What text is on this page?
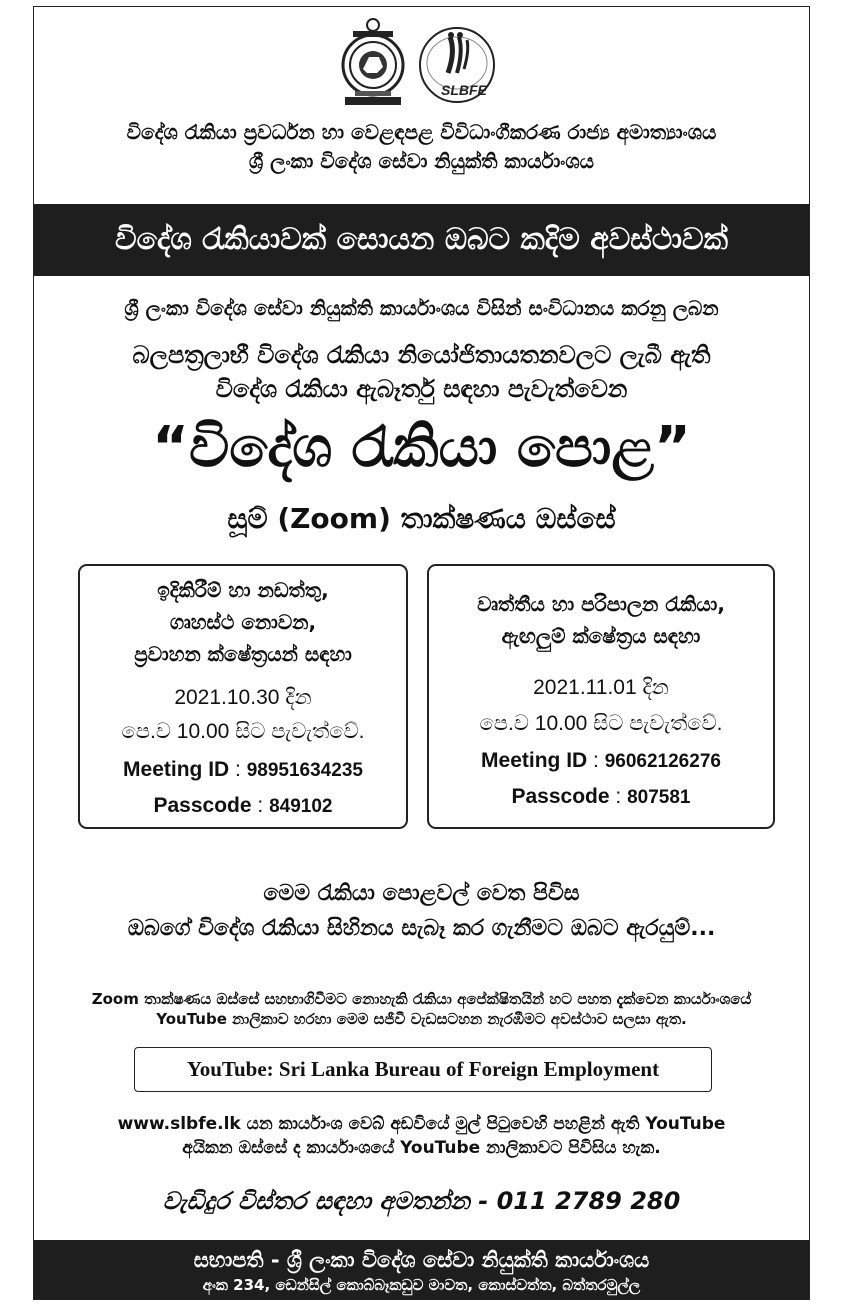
SLBFE
විදේශ රැකියා ප්‍රවර්ධන හා වෙළඳපළ විවිධාංගීකරණ රාජ්‍ය අමාත්‍යාංශය
ශ්‍රී ලංකා විදේශ සේවා නියුක්ති කාර්යාංශය
විදේශ රැකියාවක් සොයන ඔබට කදිම අවස්ථාවක්
ශ්‍රී ලංකා විදේශ සේවා නියුක්ති කාර්යාංශය විසින් සංවිධානය කරනු ලබන
බලපත්‍රලාභී විදේශ රැකියා නියෝජිතායතනවලට ලැබී ඇති
විදේශ රැකියා ඇබෑර්තු සඳහා පැවැත්වෙන
“විදේශ රැකියා පොළ”
සූම් (Zoom) තාක්ෂණය ඔස්සේ
ඉදිකිරීම් හා නඩත්තු,
ගෘහස්ථ නොවන,
ප්‍රවාහන ක්ෂේත්‍රයන් සඳහා
2021.10.30 දින
පෙ.ව 10.00 සිට පැවැත්වේ.
Meeting ID : 98951634235
Passcode : 849102
වෘත්තීය හා පරිපාලන රැකියා,
ඇඟලුම් ක්ෂේත්‍රය සඳහා
2021.11.01 දින
පෙ.ව 10.00 සිට පැවැත්වේ.
Meeting ID : 96062126276
Passcode : 807581
මෙම රැකියා පොළවල් වෙත පිවිස
ඔබගේ විදේශ රැකියා සිහිනය සැබෑ කර ගැනීමට ඔබට ඇරයුම්...
Zoom තාක්ෂණය ඔස්සේ සහභාගිවීමට නොහැකි රැකියා අපේක්ෂිතයින් හට පහත දැක්වෙන කාර්යාංශයේ
YouTube නාලිකාව හරහා මෙම සජීවී වැඩසටහන නැරඹීමට අවස්ථාව සලසා ඇත.
YouTube: Sri Lanka Bureau of Foreign Employment
www.slbfe.lk යන කාර්යාංශ වෙබ් අඩවියේ මුල් පිටුවෙහි පහළින් ඇති YouTube
අයිකන ඔස්සේ ද කාර්යාංශයේ YouTube නාලිකාවට පිවිසිය හැක.
වැඩිදුර විස්තර සඳහා අමතන්න - 011 2789 280
සභාපති - ශ්‍රී ලංකා විදේශ සේවා නියුක්ති කාර්යාංශය
අංක 234, ඩෙන්සිල් කොබ්බෑකඩුව මාවත, කොස්වත්ත, බත්තරමුල්ල
